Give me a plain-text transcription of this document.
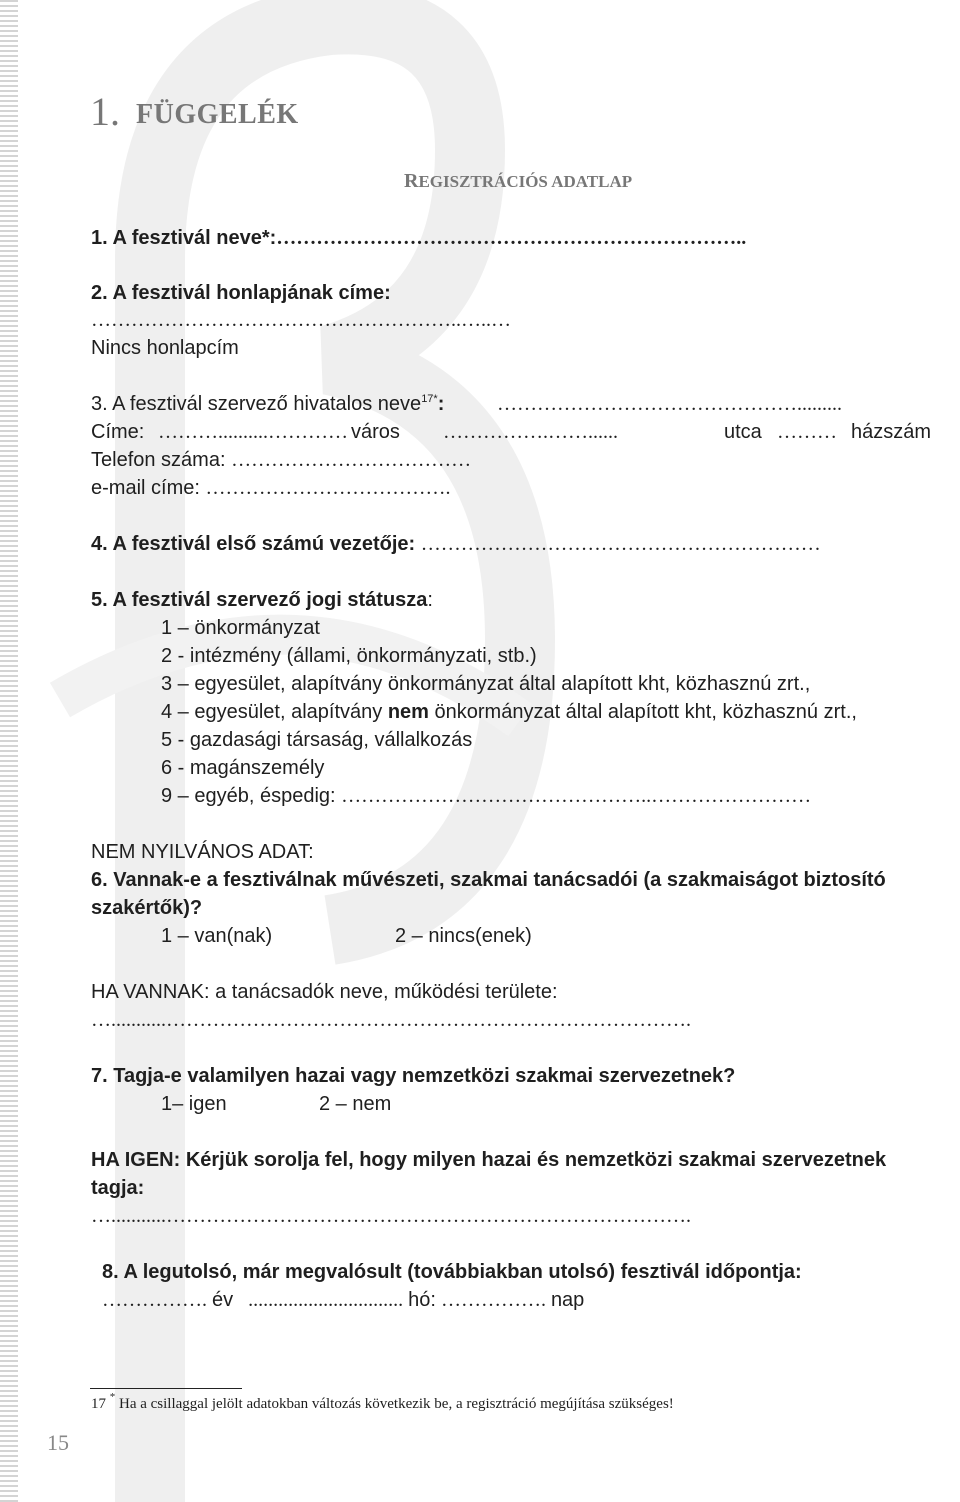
1. FÜGGELÉK
REGISZTRÁCIÓS ADATLAP
1. A fesztivál neve*:……………………………………………………………..
2. A fesztivál honlapjának címe:
………………………………………………..…..…
Nincs honlapcím
3. A fesztivál szervező hivatalos neve$^{17*}$:	……………………………………….........
Címe: ………..........………… város …………….……......	utca ……… házszám
Telefon száma: ………………………………
e-mail címe: ……………………………….
4. A fesztivál első számú vezetője: ……………………………………………………
5. A fesztivál szervező jogi státusza:
1 – önkormányzat
2 - intézmény (állami, önkormányzati, stb.)
3 – egyesület, alapítvány önkormányzat által alapított kht, közhasznú zrt.,
4 – egyesület, alapítvány nem önkormányzat által alapított kht, közhasznú zrt.,
5 - gazdasági társaság, vállalkozás
6 - magánszemély
9 – egyéb, éspedig: ………………………………………..……………………
NEM NYILVÁNOS ADAT:
6. Vannak-e a fesztiválnak művészeti, szakmai tanácsadói (a szakmaiságot biztosító
szakértők)?
1 – van(nak)	2 – nincs(enek)
HA VANNAK: a tanácsadók neve, működési területe:
…...........…………………………………………………………………….
7. Tagja-e valamilyen hazai vagy nemzetközi szakmai szervezetnek?
1– igen	2 – nem
HA IGEN: Kérjük sorolja fel, hogy milyen hazai és nemzetközi szakmai szervezetnek
tagja:
…...........…………………………………………………………………….
8. A legutolsó, már megvalósult (továbbiakban utolsó) fesztivál időpontja:
……………. év ............................... hó: ……………. nap
17 * Ha a csillaggal jelölt adatokban változás következik be, a regisztráció megújítása szükséges!
15
